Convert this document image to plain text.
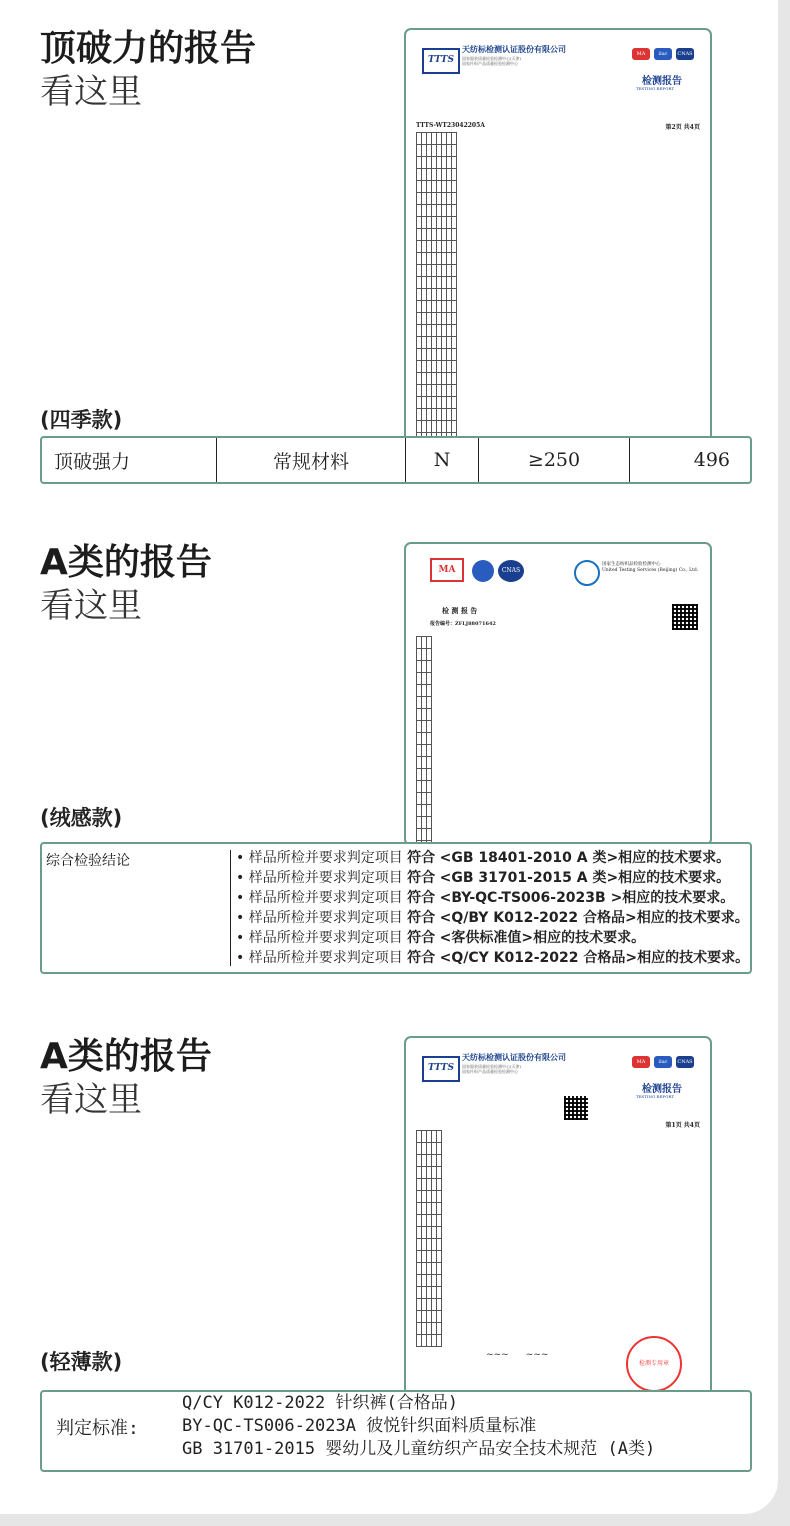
顶破力的报告
看这里
TTTS
天纺标检测认证股份有限公司
国家服装质量检验检测中心(天津)
国家针织产品质量检验检测中心
MA	ilac	CNAS
检测报告
TESTING REPORT
TTTS-WT23042205A	第2页 共4页

(四季款)
顶破强力	常规材料	N	≥250	496
A类的报告
看这里
MA	CNAS
国家生态纺织品检验检测中心
United Testing Services (Beijing) Co., Ltd.
检 测 报 告
报告编号：ZFLJ88071642

(绒感款)
综合检验结论	• 样品所检并要求判定项目 符合 <GB 18401-2010 A 类>相应的技术要求。
• 样品所检并要求判定项目 符合 <GB 31701-2015 A 类>相应的技术要求。
• 样品所检并要求判定项目 符合 <BY-QC-TS006-2023B >相应的技术要求。
• 样品所检并要求判定项目 符合 <Q/BY K012-2022 合格品>相应的技术要求。
• 样品所检并要求判定项目 符合 <客供标准值>相应的技术要求。
• 样品所检并要求判定项目 符合 <Q/CY K012-2022 合格品>相应的技术要求。
A类的报告
看这里
TTTS
天纺标检测认证股份有限公司
国家服装质量检验检测中心(天津)
国家针织产品质量检验检测中心
MA	ilac	CNAS
检测报告
TESTING REPORT
第1页 共4页

检测专用章
~~~      ~~~
(轻薄款)
判定标准:
Q/CY K012-2022 针织裤(合格品)
BY-QC-TS006-2023A 彼悦针织面料质量标准
GB 31701-2015 婴幼儿及儿童纺织产品安全技术规范 (A类)
